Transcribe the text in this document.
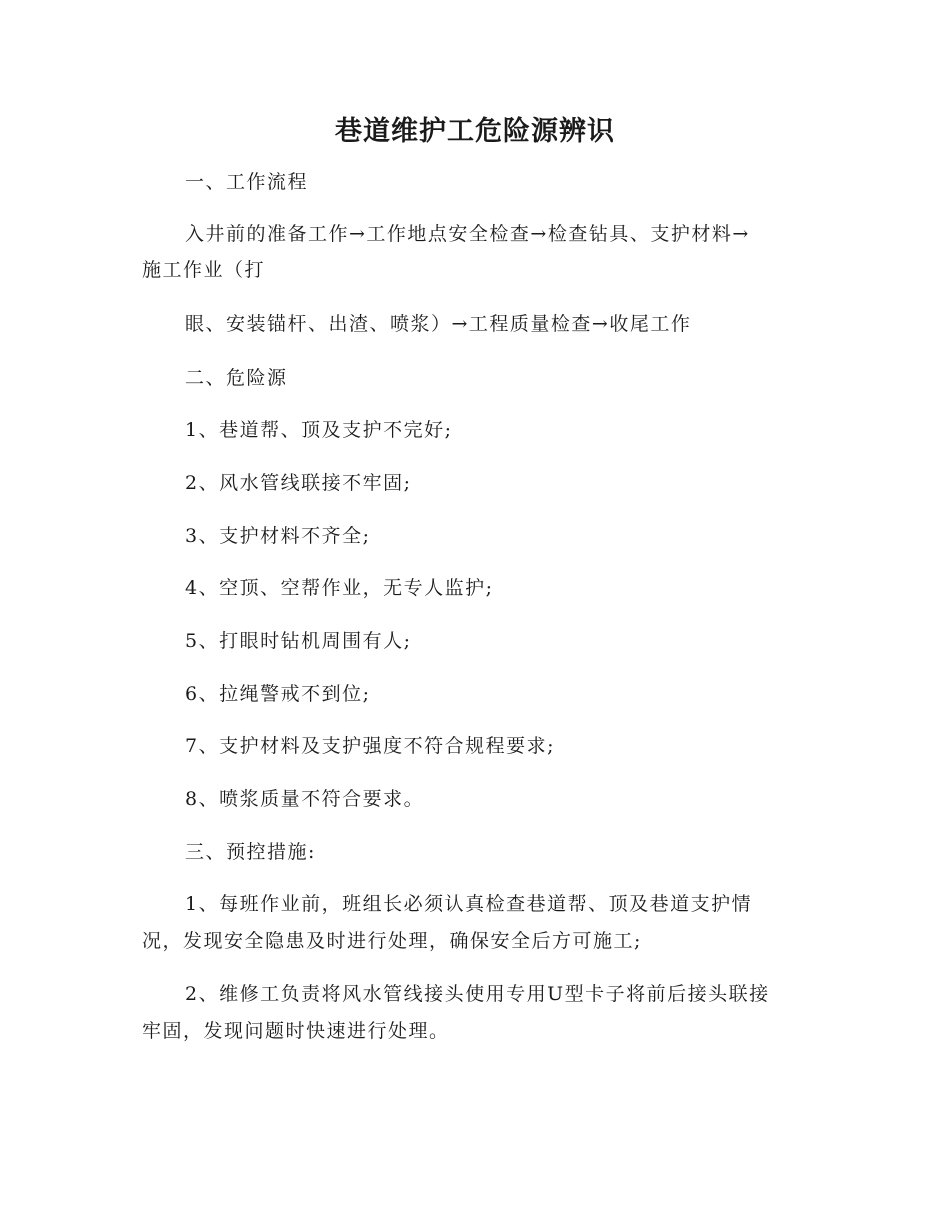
巷道维护工危险源辨识
一、工作流程
入井前的准备工作→工作地点安全检查→检查钻具、支护材料→
施工作业（打
眼、安装锚杆、出渣、喷浆）→工程质量检查→收尾工作
二、危险源
1、巷道帮、顶及支护不完好;
2、风水管线联接不牢固;
3、支护材料不齐全;
4、空顶、空帮作业，无专人监护;
5、打眼时钻机周围有人;
6、拉绳警戒不到位;
7、支护材料及支护强度不符合规程要求;
8、喷浆质量不符合要求。
三、预控措施:
1、每班作业前，班组长必须认真检查巷道帮、顶及巷道支护情
况，发现安全隐患及时进行处理，确保安全后方可施工;
2、维修工负责将风水管线接头使用专用U型卡子将前后接头联接
牢固，发现问题时快速进行处理。
